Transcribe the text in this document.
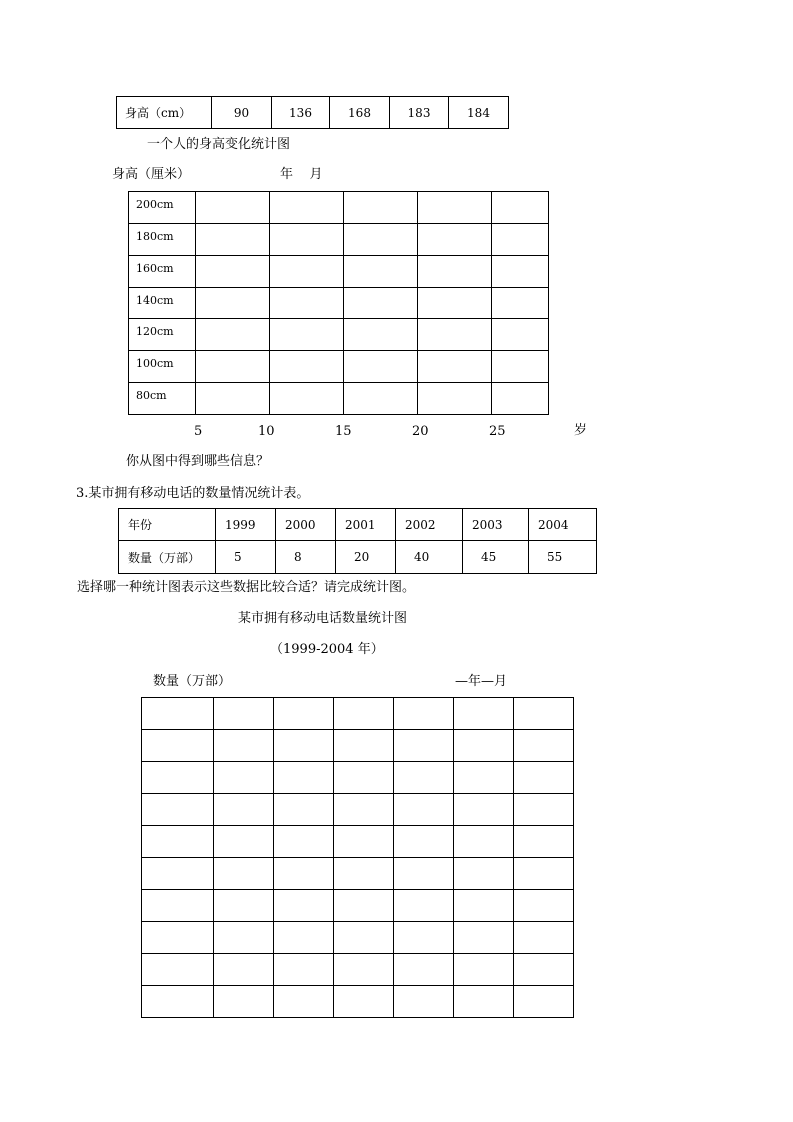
身高（cm）	90	136	168	183	184
一个人的身高变化统计图
身高（厘米）	年    月
200cm					
180cm					
160cm					
140cm					
120cm					
100cm					
80cm					
5	10	15	20	25	岁
你从图中得到哪些信息？
3.某市拥有移动电话的数量情况统计表。
年份	1999	2000	2001	2002	2003	2004
数量（万部）	5	8	20	40	45	55
选择哪一种统计图表示这些数据比较合适？请完成统计图。
某市拥有移动电话数量统计图
（1999-2004 年）
数量（万部）	—年—月
